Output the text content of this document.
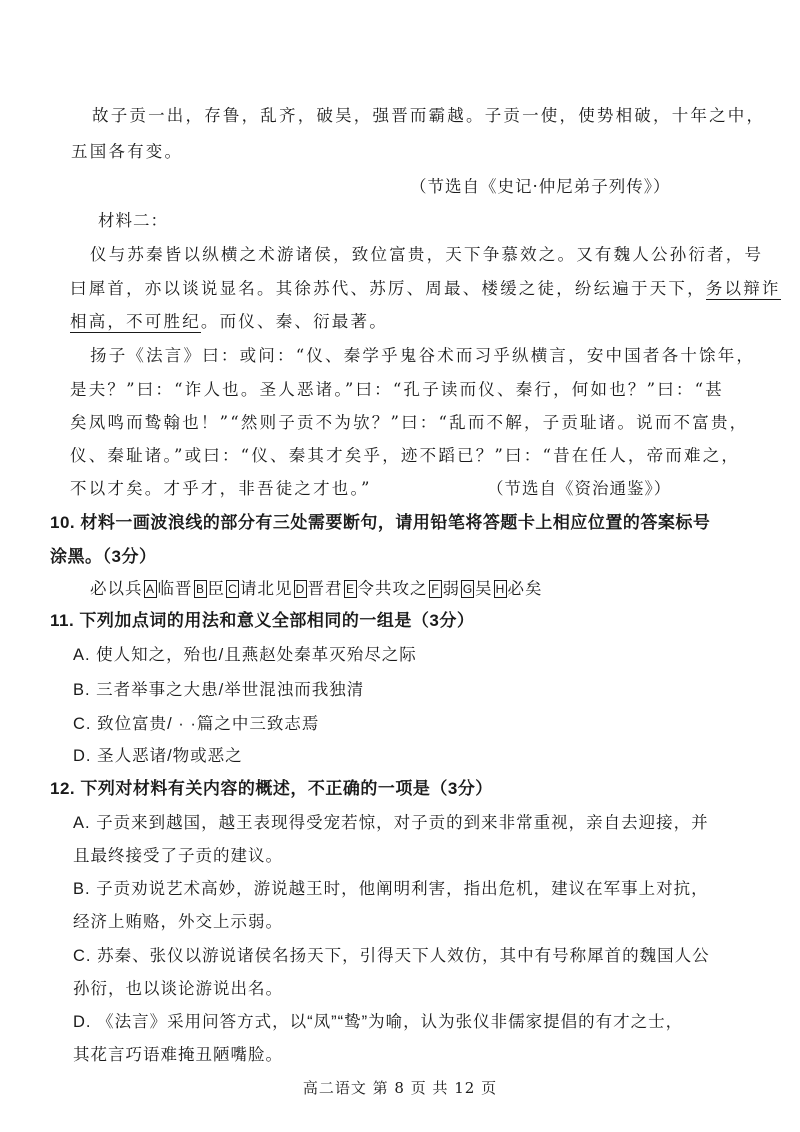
故子贡一出，存鲁，乱齐，破吴，强晋而霸越。子贡一使，使势相破，十年之中，
五国各有变。
（节选自《史记·仲尼弟子列传》）
材料二：
仪与苏秦皆以纵横之术游诸侯，致位富贵，天下争慕效之。又有魏人公孙衍者，号
曰犀首，亦以谈说显名。其徐苏代、苏厉、周最、楼缓之徒，纷纭遍于天下，务以辩诈
相高，不可胜纪。而仪、秦、衍最著。
扬子《法言》曰：或问：“仪、秦学乎鬼谷术而习乎纵横言，安中国者各十馀年，
是夫？”曰：“诈人也。圣人恶诸。”曰：“孔子读而仪、秦行，何如也？”曰：“甚
矣凤鸣而鸷翰也！”“然则子贡不为欤？”曰：“乱而不解，子贡耻诸。说而不富贵，
仪、秦耻诸。”或曰：“仪、秦其才矣乎，迹不蹈已？”曰：“昔在任人，帝而难之，
不以才矣。才乎才，非吾徒之才也。”	（节选自《资治通鉴》）
10. 材料一画波浪线的部分有三处需要断句，请用铅笔将答题卡上相应位置的答案标号
涂黑。（3分）
必以兵 A 临晋 B 臣 C 请北见 D 晋君 E 令共攻之 F 弱 G 吴 H 必矣
11. 下列加点词的用法和意义全部相同的一组是（3分）
A. 使人知之，殆也/且燕赵处秦革灭殆尽之际
B. 三者举事之大患/举世混浊而我独清
C. 致位富贵/ · ·篇之中三致志焉
D. 圣人恶诸/物或恶之
12. 下列对材料有关内容的概述，不正确的一项是（3分）
A. 子贡来到越国，越王表现得受宠若惊，对子贡的到来非常重视，亲自去迎接，并
且最终接受了子贡的建议。
B. 子贡劝说艺术高妙，游说越王时，他阐明利害，指出危机，建议在军事上对抗，
经济上贿赂，外交上示弱。
C. 苏秦、张仪以游说诸侯名扬天下，引得天下人效仿，其中有号称犀首的魏国人公
孙衍，也以谈论游说出名。
D. 《法言》采用问答方式，以“凤”“鸷”为喻，认为张仪非儒家提倡的有才之士，
其花言巧语难掩丑陋嘴脸。
高二语文 第 8 页 共 12 页
